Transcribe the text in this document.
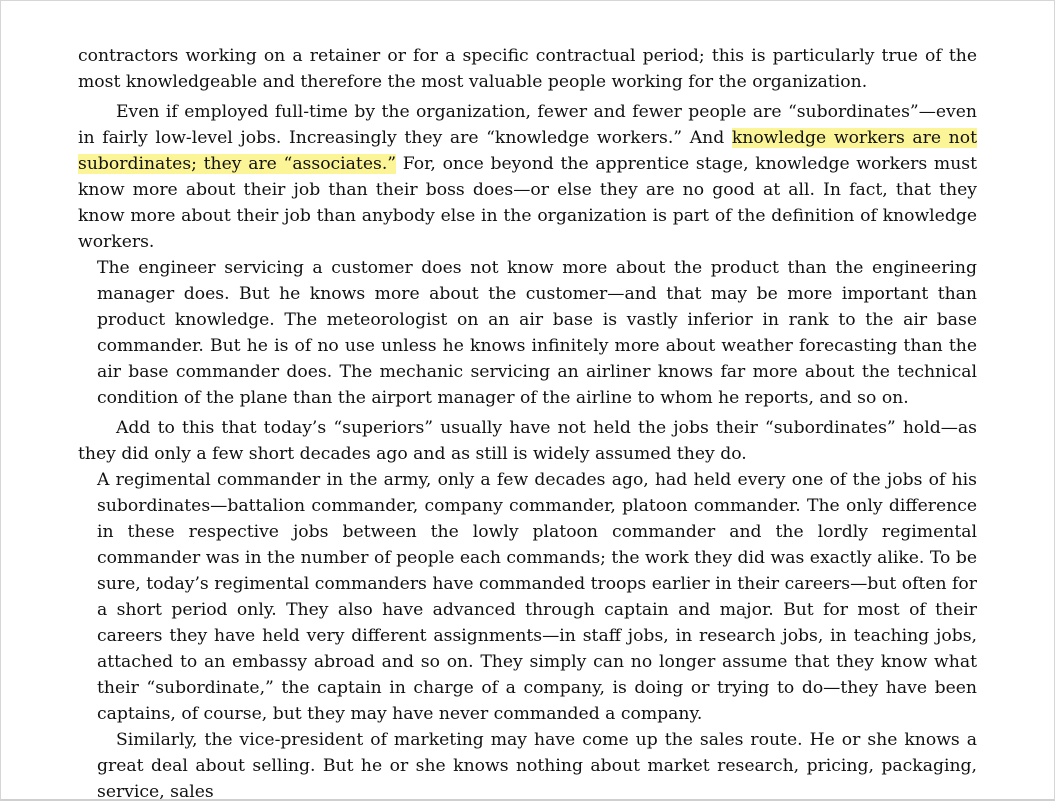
contractors working on a retainer or for a specific contractual period; this is particularly true of the most knowledgeable and therefore the most valuable people working for the organization.

Even if employed full-time by the organization, fewer and fewer people are “subordinates”—even in fairly low-level jobs. Increasingly they are “knowledge workers.” And knowledge workers are not subordinates; they are “associates.” For, once beyond the apprentice stage, knowledge workers must know more about their job than their boss does—or else they are no good at all. In fact, that they know more about their job than anybody else in the organization is part of the definition of knowledge workers.

The engineer servicing a customer does not know more about the product than the engineering manager does. But he knows more about the customer—and that may be more important than product knowledge. The meteorologist on an air base is vastly inferior in rank to the air base commander. But he is of no use unless he knows infinitely more about weather forecasting than the air base commander does. The mechanic servicing an airliner knows far more about the technical condition of the plane than the airport manager of the airline to whom he reports, and so on.

Add to this that today’s “superiors” usually have not held the jobs their “subordinates” hold—as they did only a few short decades ago and as still is widely assumed they do.

A regimental commander in the army, only a few decades ago, had held every one of the jobs of his subordinates—battalion commander, company commander, platoon commander. The only difference in these respective jobs between the lowly platoon commander and the lordly regimental commander was in the number of people each commands; the work they did was exactly alike. To be sure, today’s regimental commanders have commanded troops earlier in their careers—but often for a short period only. They also have advanced through captain and major. But for most of their careers they have held very different assignments—in staff jobs, in research jobs, in teaching jobs, attached to an embassy abroad and so on. They simply can no longer assume that they know what their “subordinate,” the captain in charge of a company, is doing or trying to do—they have been captains, of course, but they may have never commanded a company.

Similarly, the vice-president of marketing may have come up the sales route. He or she knows a great deal about selling. But he or she knows nothing about market research, pricing, packaging, service, sales
